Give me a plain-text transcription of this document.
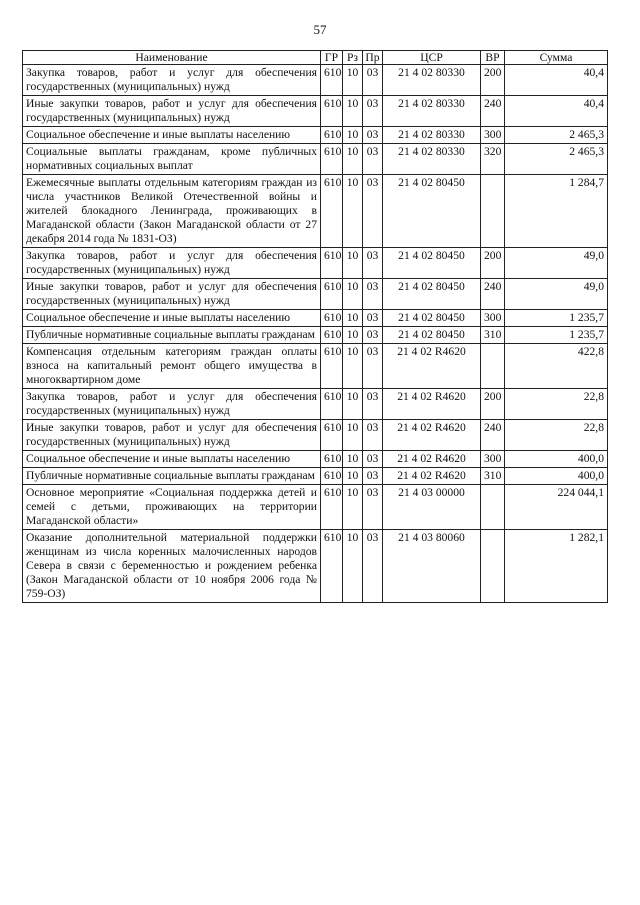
57
Наименование	ГР	Рз	Пр	ЦСР	ВР	Сумма
Закупка товаров, работ и услуг для обеспечения государственных (муниципальных) нужд	610	10	03	21 4 02 80330	200	40,4
Иные закупки товаров, работ и услуг для обеспечения государственных (муниципальных) нужд	610	10	03	21 4 02 80330	240	40,4
Социальное обеспечение и иные выплаты населению	610	10	03	21 4 02 80330	300	2 465,3
Социальные выплаты гражданам, кроме публичных нормативных социальных выплат	610	10	03	21 4 02 80330	320	2 465,3
Ежемесячные выплаты отдельным категориям граждан из числа участников Великой Отечественной войны и жителей блокадного Ленинграда, проживающих в Магаданской области (Закон Магаданской области от 27 декабря 2014 года № 1831-ОЗ)	610	10	03	21 4 02 80450		1 284,7
Закупка товаров, работ и услуг для обеспечения государственных (муниципальных) нужд	610	10	03	21 4 02 80450	200	49,0
Иные закупки товаров, работ и услуг для обеспечения государственных (муниципальных) нужд	610	10	03	21 4 02 80450	240	49,0
Социальное обеспечение и иные выплаты населению	610	10	03	21 4 02 80450	300	1 235,7
Публичные нормативные социальные выплаты гражданам	610	10	03	21 4 02 80450	310	1 235,7
Компенсация отдельным категориям граждан оплаты взноса на капитальный ремонт общего имущества в многоквартирном доме	610	10	03	21 4 02 R4620		422,8
Закупка товаров, работ и услуг для обеспечения государственных (муниципальных) нужд	610	10	03	21 4 02 R4620	200	22,8
Иные закупки товаров, работ и услуг для обеспечения государственных (муниципальных) нужд	610	10	03	21 4 02 R4620	240	22,8
Социальное обеспечение и иные выплаты населению	610	10	03	21 4 02 R4620	300	400,0
Публичные нормативные социальные выплаты гражданам	610	10	03	21 4 02 R4620	310	400,0
Основное мероприятие «Социальная поддержка детей и семей с детьми, проживающих на территории Магаданской области»	610	10	03	21 4 03 00000		224 044,1
Оказание дополнительной материальной поддержки женщинам из числа коренных малочисленных народов Севера в связи с беременностью и рождением ребенка (Закон Магаданской области от 10 ноября 2006 года № 759-ОЗ)	610	10	03	21 4 03 80060		1 282,1
